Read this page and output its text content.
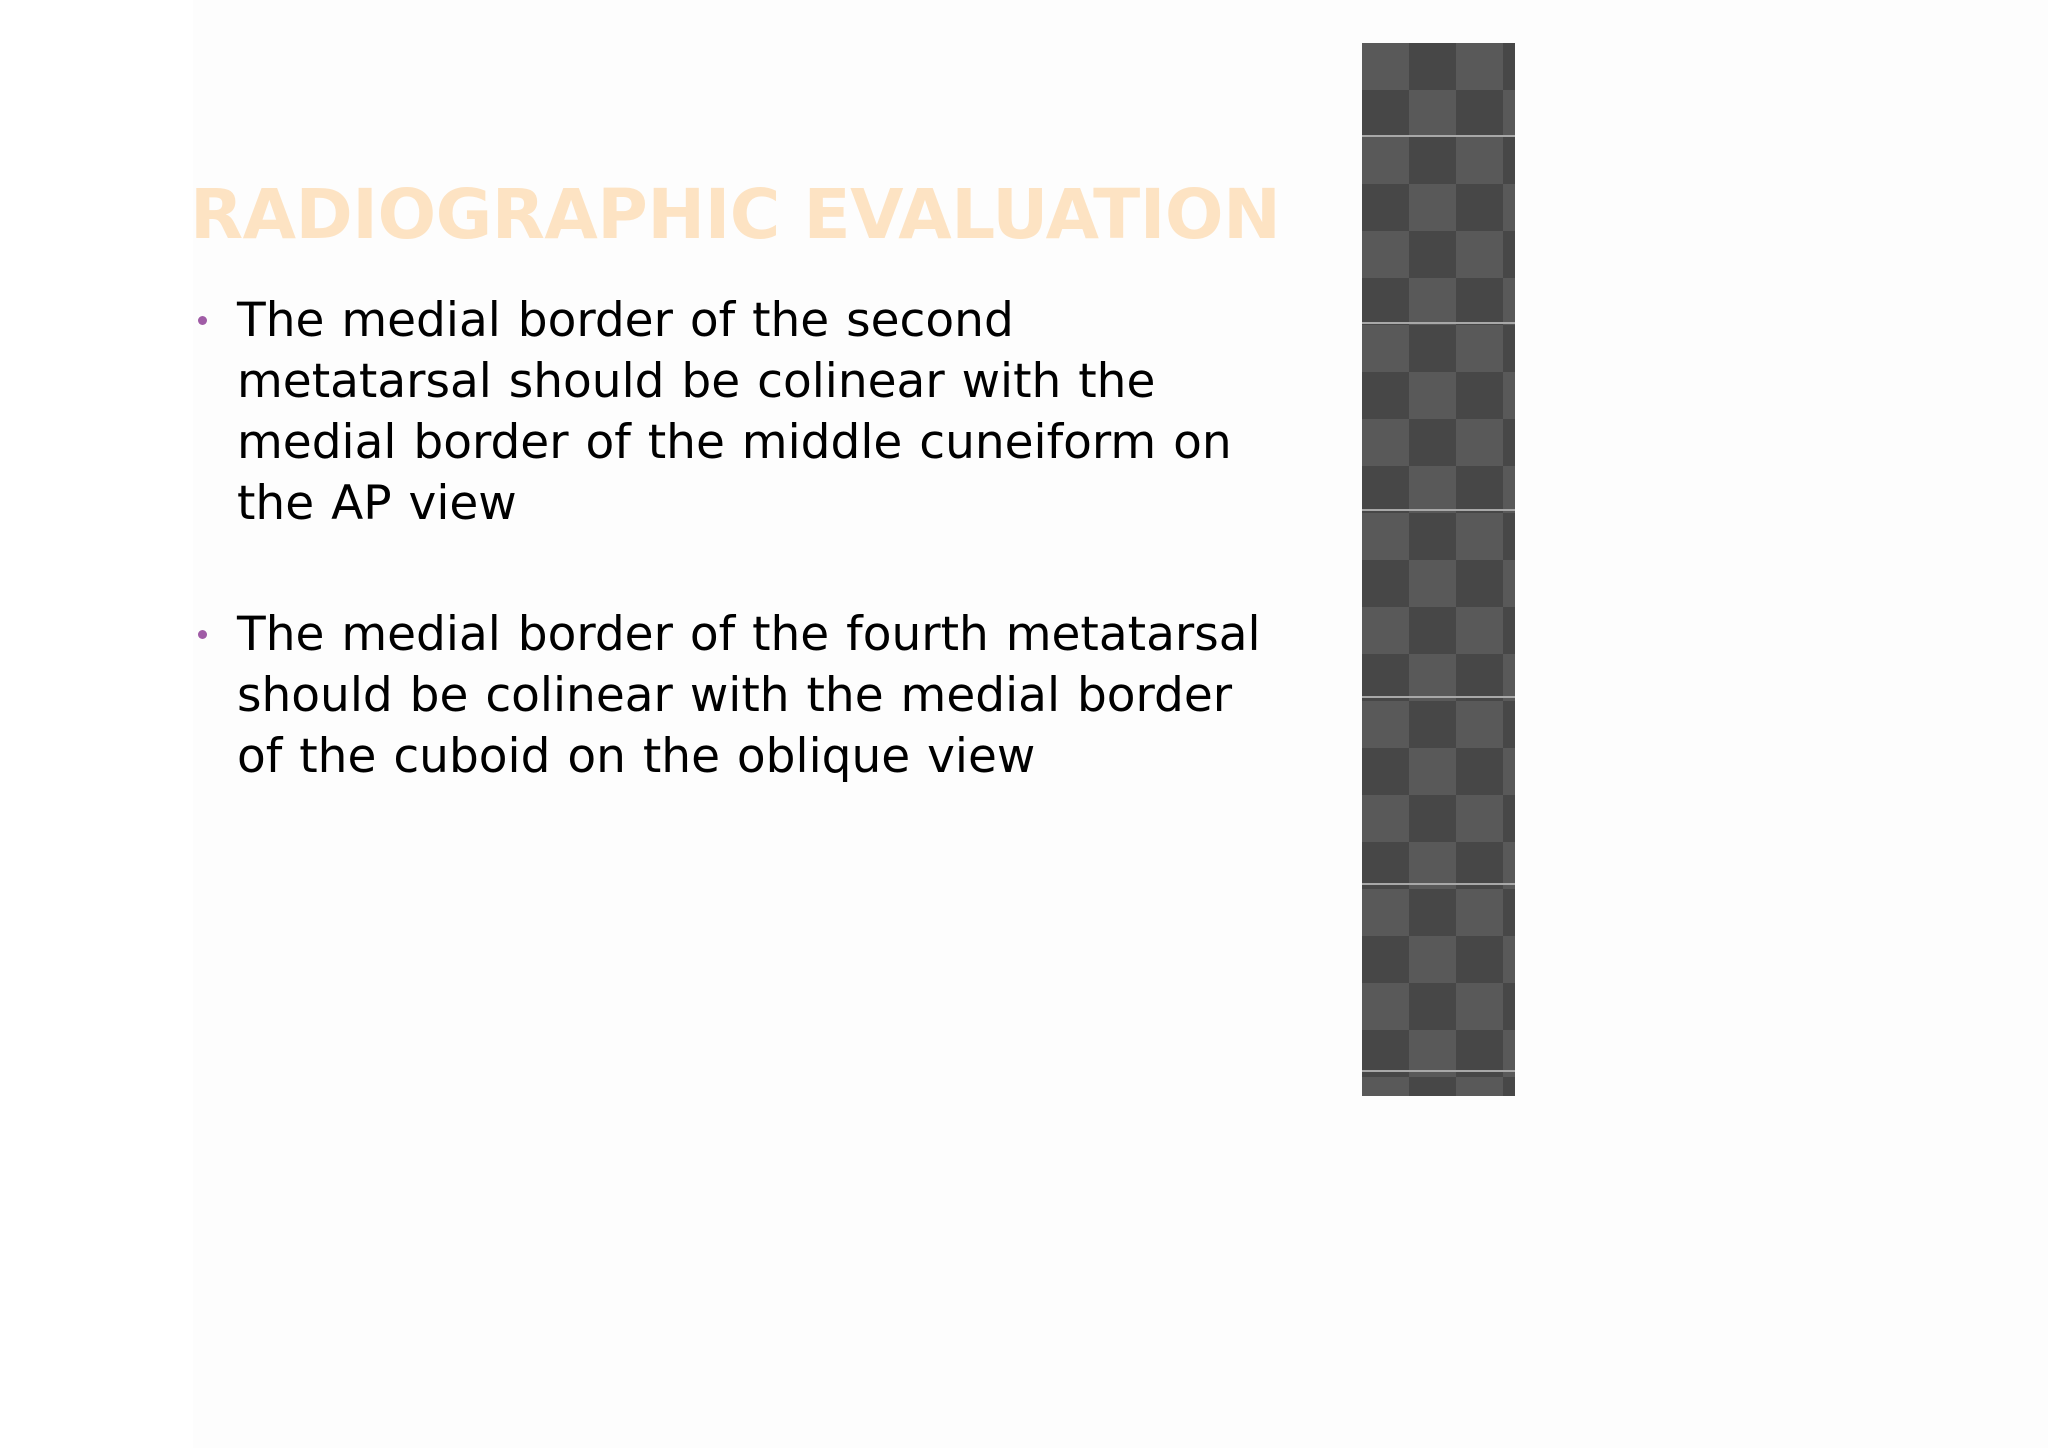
RADIOGRAPHIC EVALUATION
The medial border of the second metatarsal should be colinear with the medial border of the middle cuneiform on the AP view
The medial border of the fourth metatarsal should be colinear with the medial border of the cuboid on the oblique view
